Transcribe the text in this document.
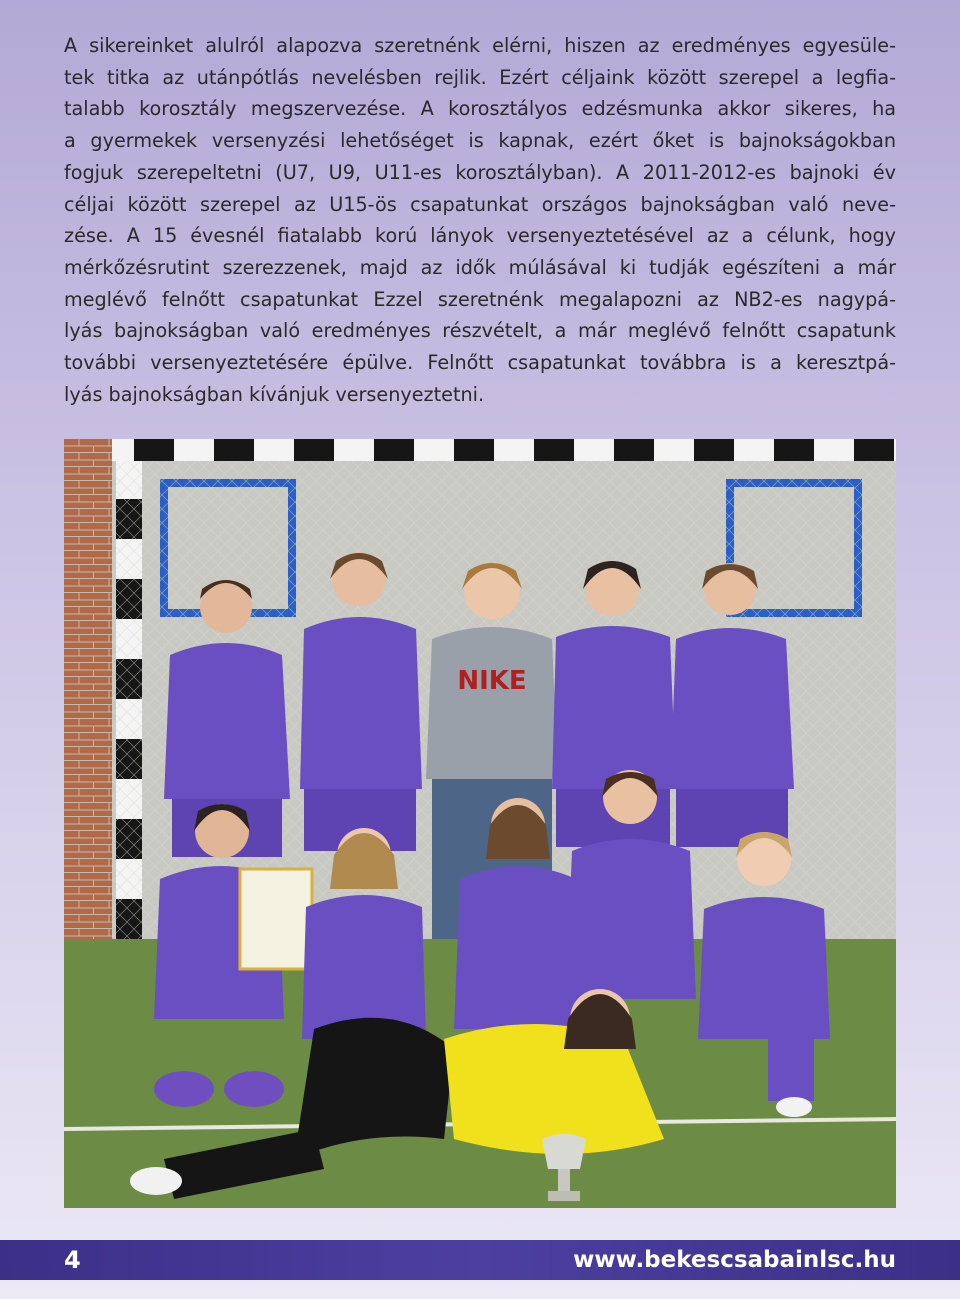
A sikereinket alulról alapozva szeretnénk elérni, hiszen az eredményes egyesüle-
tek titka az utánpótlás nevelésben rejlik. Ezért céljaink között szerepel a legfia-
talabb korosztály megszervezése. A korosztályos edzésmunka akkor sikeres, ha
a gyermekek versenyzési lehetőséget is kapnak, ezért őket is bajnokságokban
fogjuk szerepeltetni (U7, U9, U11-es korosztályban). A 2011-2012-es bajnoki év
céljai között szerepel az U15-ös csapatunkat országos bajnokságban való neve-
zése. A 15 évesnél fiatalabb korú lányok versenyeztetésével az a célunk, hogy
mérkőzésrutint szerezzenek, majd az idők múlásával ki tudják egészíteni a már
meglévő felnőtt csapatunkat Ezzel szeretnénk megalapozni az NB2-es nagypá-
lyás bajnokságban való eredményes részvételt, a már meglévő felnőtt csapatunk
további versenyeztetésére épülve. Felnőtt csapatunkat továbbra is a keresztpá-
lyás bajnokságban kívánjuk versenyeztetni.
NIKE
4	www.bekescsabainlsc.hu
